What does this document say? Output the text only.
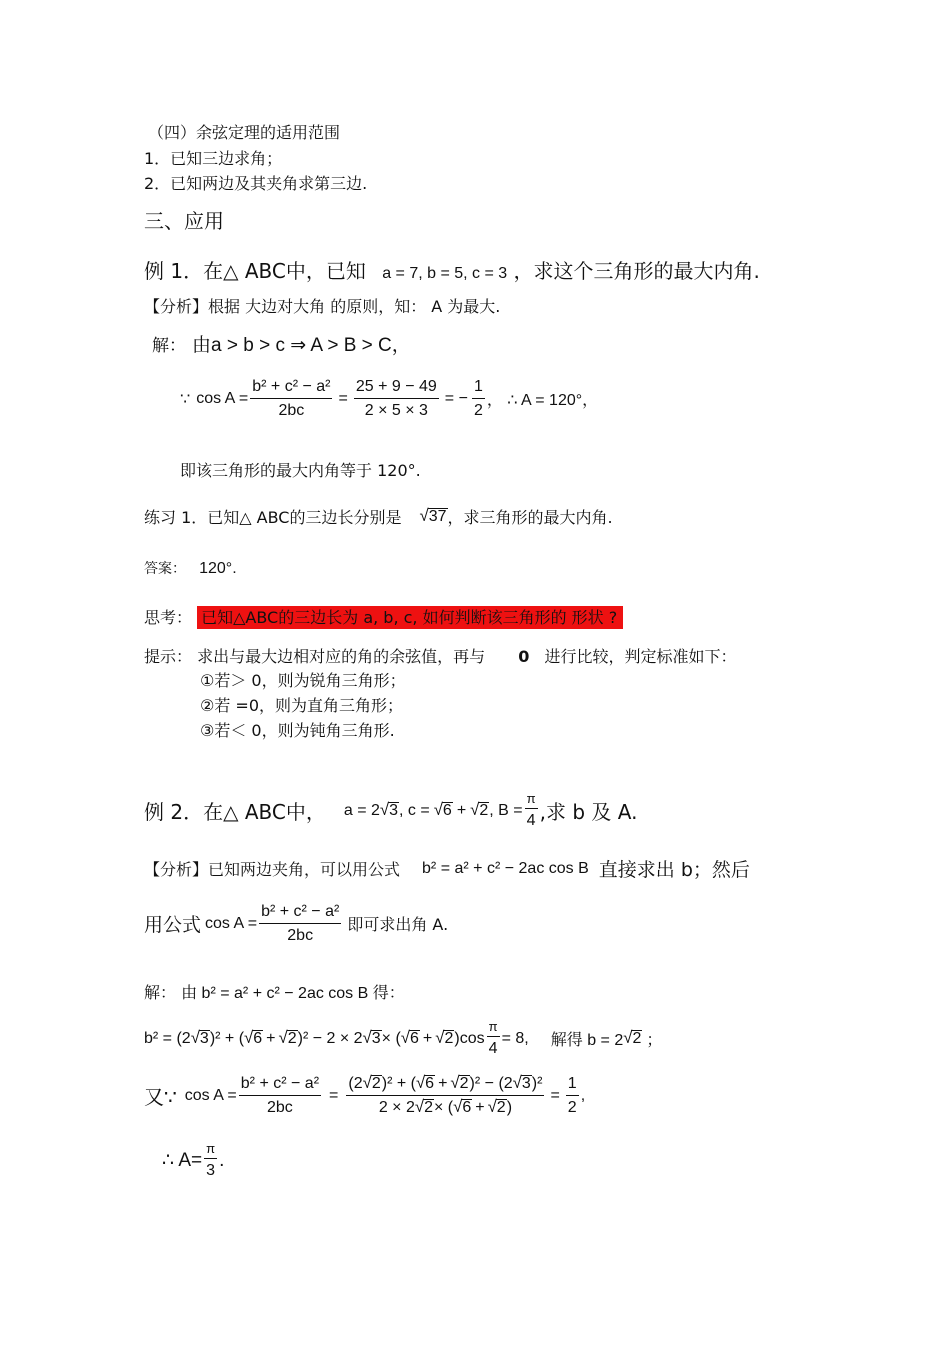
（四）余弦定理的适用范围
1．已知三边求角；
2．已知两边及其夹角求第三边.
三、应用
例 1．在△ ABC中，已知 a = 7, b = 5, c = 3 ，求这个三角形的最大内角.
【分析】根据 大边对大角 的原则，知： A 为最大.
解： 由a > b > c ⇒ A > B > C，
∵ $\cos A = \frac{\text{b² + c² − a²}}{2bc} = \frac{25 + 9 - 49}{2 \times 5 \times 3}$ = − $\frac{1}{2}$ ， ∴ A = 120°，
即该三角形的最大内角等于 120°.
练习 1．已知△ ABC的三边长分别是 √ 37 ，求三角形的最大内角.
答案： 120°.
思考： 已知△ABC的三边长为 a, b, c, 如何判断该三角形的 形状 ?
提示： 求出与最大边相对应的角的余弦值，再与 0 进行比较，判定标准如下：
①若＞ 0，则为锐角三角形；
②若 =0，则为直角三角形；
③若＜ 0，则为钝角三角形.
例 2．在△ ABC中， a = 2 √ 3 , c = √ 6 + √ 2 , $B = \frac{\pi}{4}$ ,求 b 及 A.
【分析】 已知两边夹角，可以用公式 b² = a² + c² − 2ac cos B 直接求出 b；然后
用公式 $\cos A = \frac{\text{b² + c² − a²}}{2bc}$ 即可求出角 A.
解： 由 b² = a² + c² − 2ac cos B 得：
b² = (2 √ 3 )² + ( √ 6 + √ 2 )² − 2 × 2 √ 3 × ( √ 6 + √ 2 )$\cos \frac{\pi}{4} = 8$, 解得 b = 2 √ 2 ；
又∵ $\cos A = \frac{\text{b² + c² − a²}}{2bc}$ =
(2 √ 2 )² + ( √ 6 + √ 2 )² − (2 √ 3 )²
2 × 2 √ 2 × ( √ 6 + √ 2 )
= $\frac{1}{2}$ ,
∴ $A= \frac{\pi}{3}$ .
